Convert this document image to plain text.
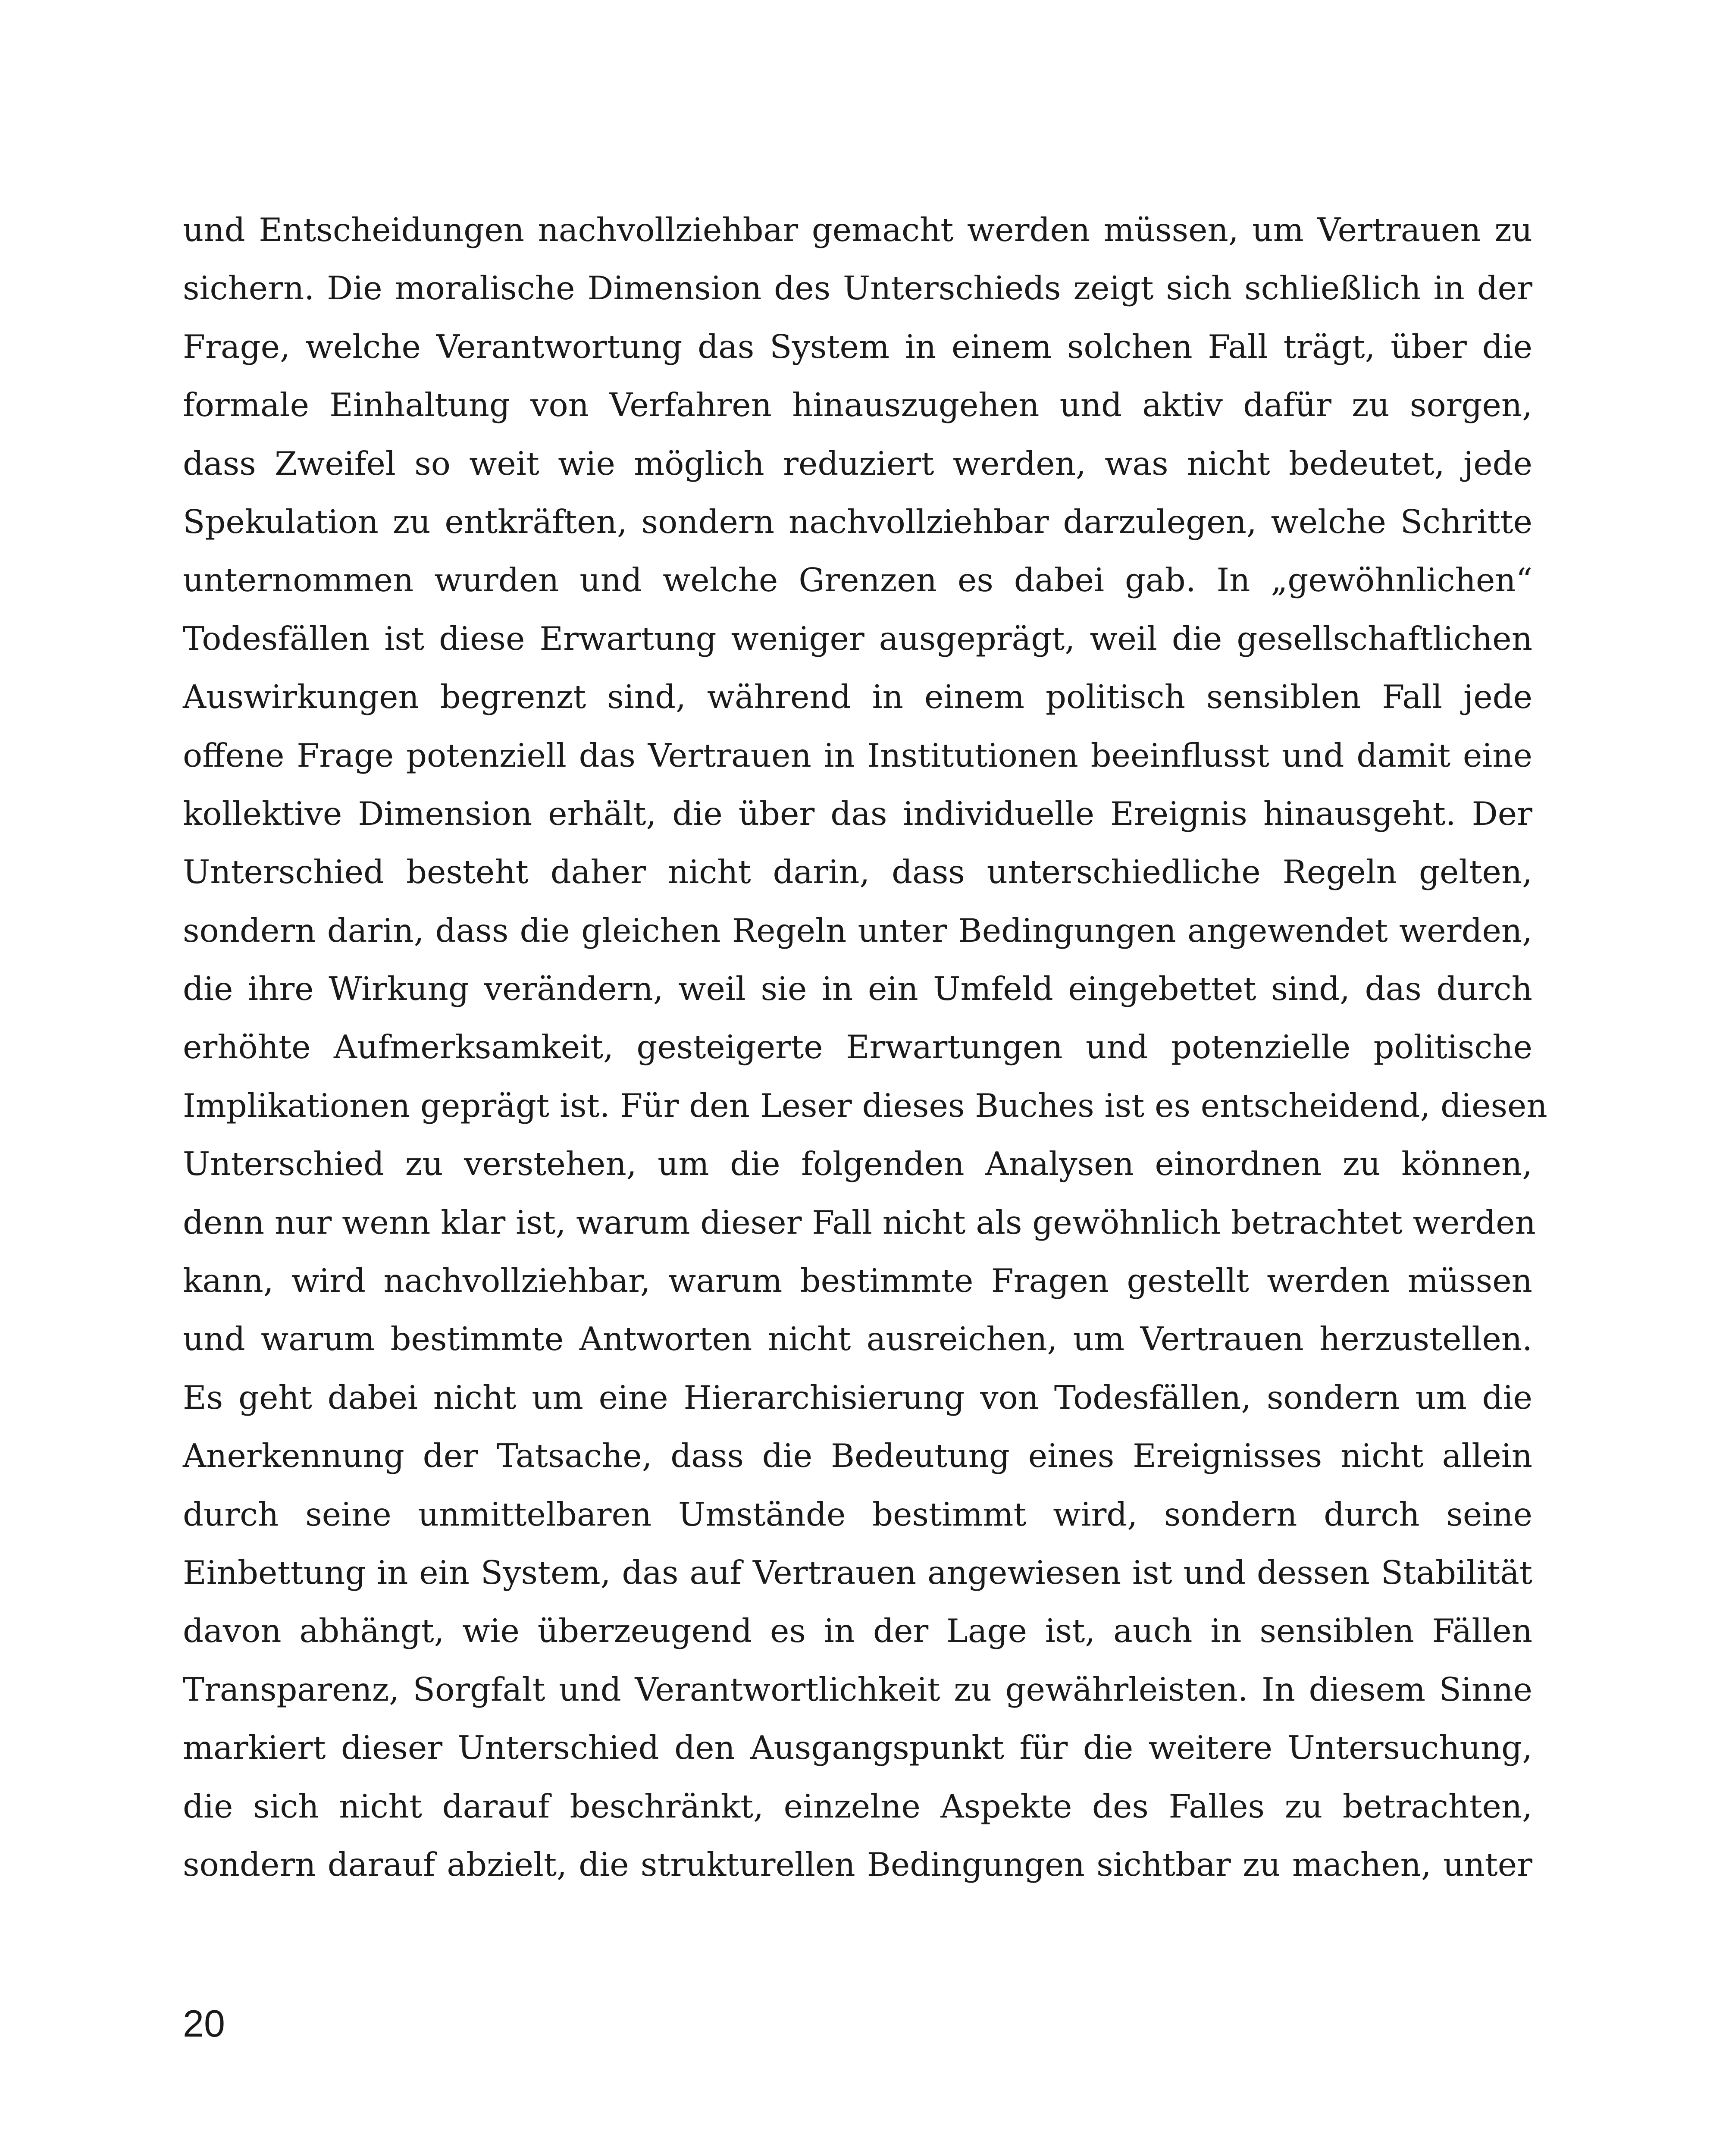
und Entscheidungen nachvollziehbar gemacht werden müssen, um Vertrauen zu
sichern. Die moralische Dimension des Unterschieds zeigt sich schließlich in der
Frage, welche Verantwortung das System in einem solchen Fall trägt, über die
formale Einhaltung von Verfahren hinauszugehen und aktiv dafür zu sorgen,
dass Zweifel so weit wie möglich reduziert werden, was nicht bedeutet, jede
Spekulation zu entkräften, sondern nachvollziehbar darzulegen, welche Schritte
unternommen wurden und welche Grenzen es dabei gab. In „gewöhnlichen“
Todesfällen ist diese Erwartung weniger ausgeprägt, weil die gesellschaftlichen
Auswirkungen begrenzt sind, während in einem politisch sensiblen Fall jede
offene Frage potenziell das Vertrauen in Institutionen beeinflusst und damit eine
kollektive Dimension erhält, die über das individuelle Ereignis hinausgeht. Der
Unterschied besteht daher nicht darin, dass unterschiedliche Regeln gelten,
sondern darin, dass die gleichen Regeln unter Bedingungen angewendet werden,
die ihre Wirkung verändern, weil sie in ein Umfeld eingebettet sind, das durch
erhöhte Aufmerksamkeit, gesteigerte Erwartungen und potenzielle politische
Implikationen geprägt ist. Für den Leser dieses Buches ist es entscheidend, diesen
Unterschied zu verstehen, um die folgenden Analysen einordnen zu können,
denn nur wenn klar ist, warum dieser Fall nicht als gewöhnlich betrachtet werden
kann, wird nachvollziehbar, warum bestimmte Fragen gestellt werden müssen
und warum bestimmte Antworten nicht ausreichen, um Vertrauen herzustellen.
Es geht dabei nicht um eine Hierarchisierung von Todesfällen, sondern um die
Anerkennung der Tatsache, dass die Bedeutung eines Ereignisses nicht allein
durch seine unmittelbaren Umstände bestimmt wird, sondern durch seine
Einbettung in ein System, das auf Vertrauen angewiesen ist und dessen Stabilität
davon abhängt, wie überzeugend es in der Lage ist, auch in sensiblen Fällen
Transparenz, Sorgfalt und Verantwortlichkeit zu gewährleisten. In diesem Sinne
markiert dieser Unterschied den Ausgangspunkt für die weitere Untersuchung,
die sich nicht darauf beschränkt, einzelne Aspekte des Falles zu betrachten,
sondern darauf abzielt, die strukturellen Bedingungen sichtbar zu machen, unter
20
